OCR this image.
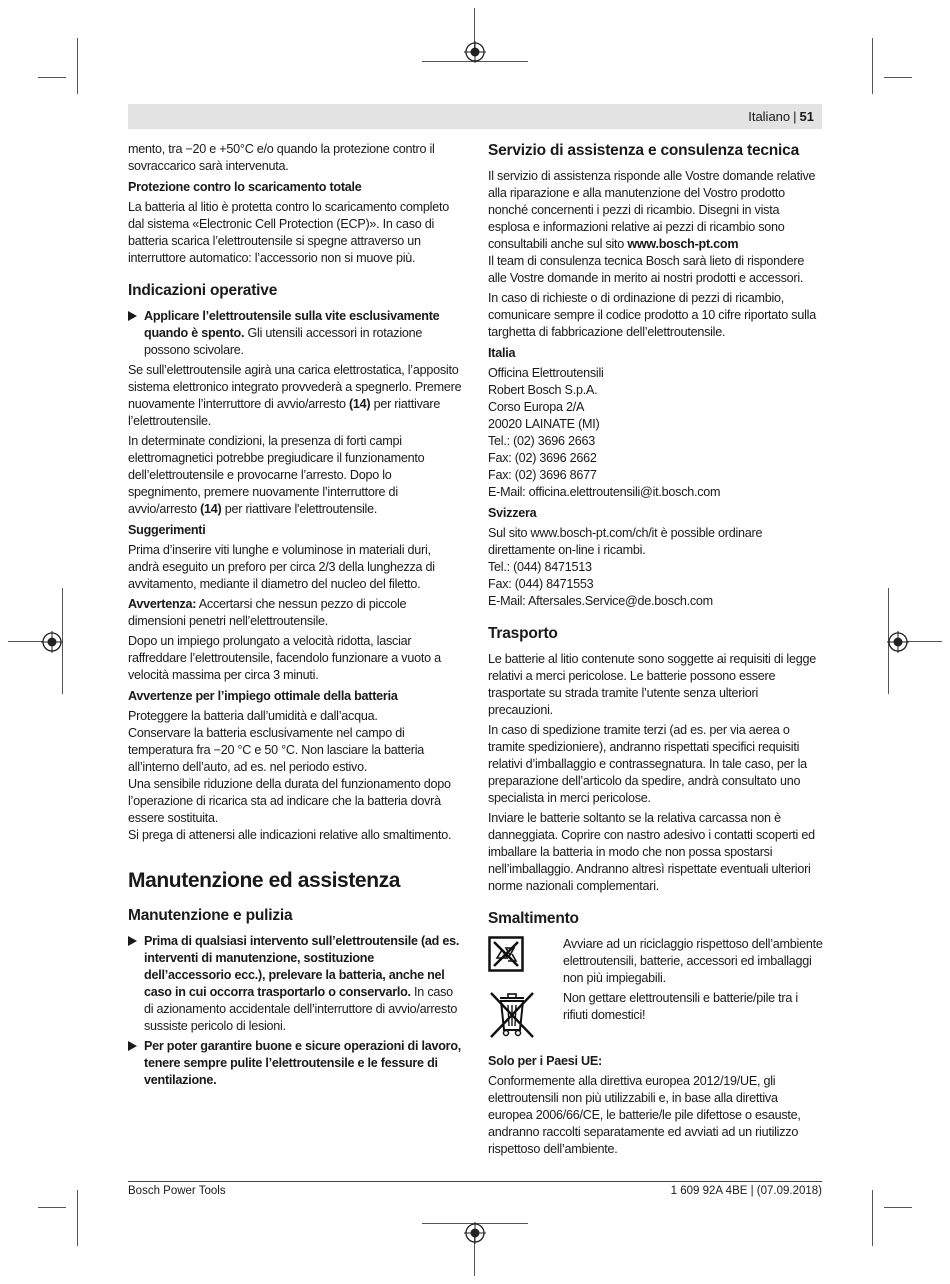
Italiano | 51

mento, tra −20 e +50°C e/o quando la protezione contro il sovraccarico sarà intervenuta.

Protezione contro lo scaricamento totale

La batteria al litio è protetta contro lo scaricamento completo dal sistema «Electronic Cell Protection (ECP)». In caso di batteria scarica l’elettroutensile si spegne attraverso un interruttore automatico: l’accessorio non si muove più.

Indicazioni operative
Applicare l’elettroutensile sulla vite esclusivamente quando è spento. Gli utensili accessori in rotazione possono scivolare.

Se sull’elettroutensile agirà una carica elettrostatica, l’apposito sistema elettronico integrato provvederà a spegnerlo. Premere nuovamente l’interruttore di avvio/arresto (14) per riattivare l’elettroutensile.

In determinate condizioni, la presenza di forti campi elettromagnetici potrebbe pregiudicare il funzionamento dell’elettroutensile e provocarne l’arresto. Dopo lo spegnimento, premere nuovamente l’interruttore di avvio/arresto (14) per riattivare l'elettroutensile.

Suggerimenti

Prima d’inserire viti lunghe e voluminose in materiali duri, andrà eseguito un preforo per circa 2/3 della lunghezza di avvitamento, mediante il diametro del nucleo del filetto.

Avvertenza: Accertarsi che nessun pezzo di piccole dimensioni penetri nell’elettroutensile.

Dopo un impiego prolungato a velocità ridotta, lasciar raffreddare l’elettroutensile, facendolo funzionare a vuoto a velocità massima per circa 3 minuti.

Avvertenze per l’impiego ottimale della batteria
Proteggere la batteria dall’umidità e dall’acqua.
Conservare la batteria esclusivamente nel campo di temperatura fra −20 °C e 50 °C. Non lasciare la batteria all’interno dell’auto, ad es. nel periodo estivo.
Una sensibile riduzione della durata del funzionamento dopo l’operazione di ricarica sta ad indicare che la batteria dovrà essere sostituita.
Si prega di attenersi alle indicazioni relative allo smaltimento.
Manutenzione ed assistenza
Manutenzione e pulizia
Prima di qualsiasi intervento sull’elettroutensile (ad es. interventi di manutenzione, sostituzione dell’accessorio ecc.), prelevare la batteria, anche nel caso in cui occorra trasportarlo o conservarlo. In caso di azionamento accidentale dell’interruttore di avvio/arresto sussiste pericolo di lesioni.
Per poter garantire buone e sicure operazioni di lavoro, tenere sempre pulite l’elettroutensile e le fessure di ventilazione.
Servizio di assistenza e consulenza tecnica

Il servizio di assistenza risponde alle Vostre domande relative alla riparazione e alla manutenzione del Vostro prodotto nonché concernenti i pezzi di ricambio. Disegni in vista esplosa e informazioni relative ai pezzi di ricambio sono consultabili anche sul sito www.bosch-pt.com

Il team di consulenza tecnica Bosch sarà lieto di rispondere alle Vostre domande in merito ai nostri prodotti e accessori.

In caso di richieste o di ordinazione di pezzi di ricambio, comunicare sempre il codice prodotto a 10 cifre riportato sulla targhetta di fabbricazione dell’elettroutensile.

Italia
Officina Elettroutensili
Robert Bosch S.p.A.
Corso Europa 2/A
20020 LAINATE (MI)
Tel.: (02) 3696 2663
Fax: (02) 3696 2662
Fax: (02) 3696 8677
E-Mail: officina.elettroutensili@it.bosch.com
Svizzera

Sul sito www.bosch-pt.com/ch/it è possible ordinare direttamente on-line i ricambi.

Tel.: (044) 8471513
Fax: (044) 8471553
E-Mail: Aftersales.Service@de.bosch.com
Trasporto

Le batterie al litio contenute sono soggette ai requisiti di legge relativi a merci pericolose. Le batterie possono essere trasportate su strada tramite l’utente senza ulteriori precauzioni.

In caso di spedizione tramite terzi (ad es. per via aerea o tramite spedizioniere), andranno rispettati specifici requisiti relativi d’imballaggio e contrassegnatura. In tale caso, per la preparazione dell’articolo da spedire, andrà consultato uno specialista in merci pericolose.

Inviare le batterie soltanto se la relativa carcassa non è danneggiata. Coprire con nastro adesivo i contatti scoperti ed imballare la batteria in modo che non possa spostarsi nell’imballaggio. Andranno altresì rispettate eventuali ulteriori norme nazionali complementari.

Smaltimento

Avviare ad un riciclaggio rispettoso dell’ambiente elettroutensili, batterie, accessori ed imballaggi non più impiegabili.

Non gettare elettroutensili e batterie/pile tra i rifiuti domestici!

Solo per i Paesi UE:

Conformemente alla direttiva europea 2012/19/UE, gli elettroutensili non più utilizzabili e, in base alla direttiva europea 2006/66/CE, le batterie/le pile difettose o esauste, andranno raccolti separatamente ed avviati ad un riutilizzo rispettoso dell’ambiente.

Bosch Power Tools	1 609 92A 4BE | (07.09.2018)
